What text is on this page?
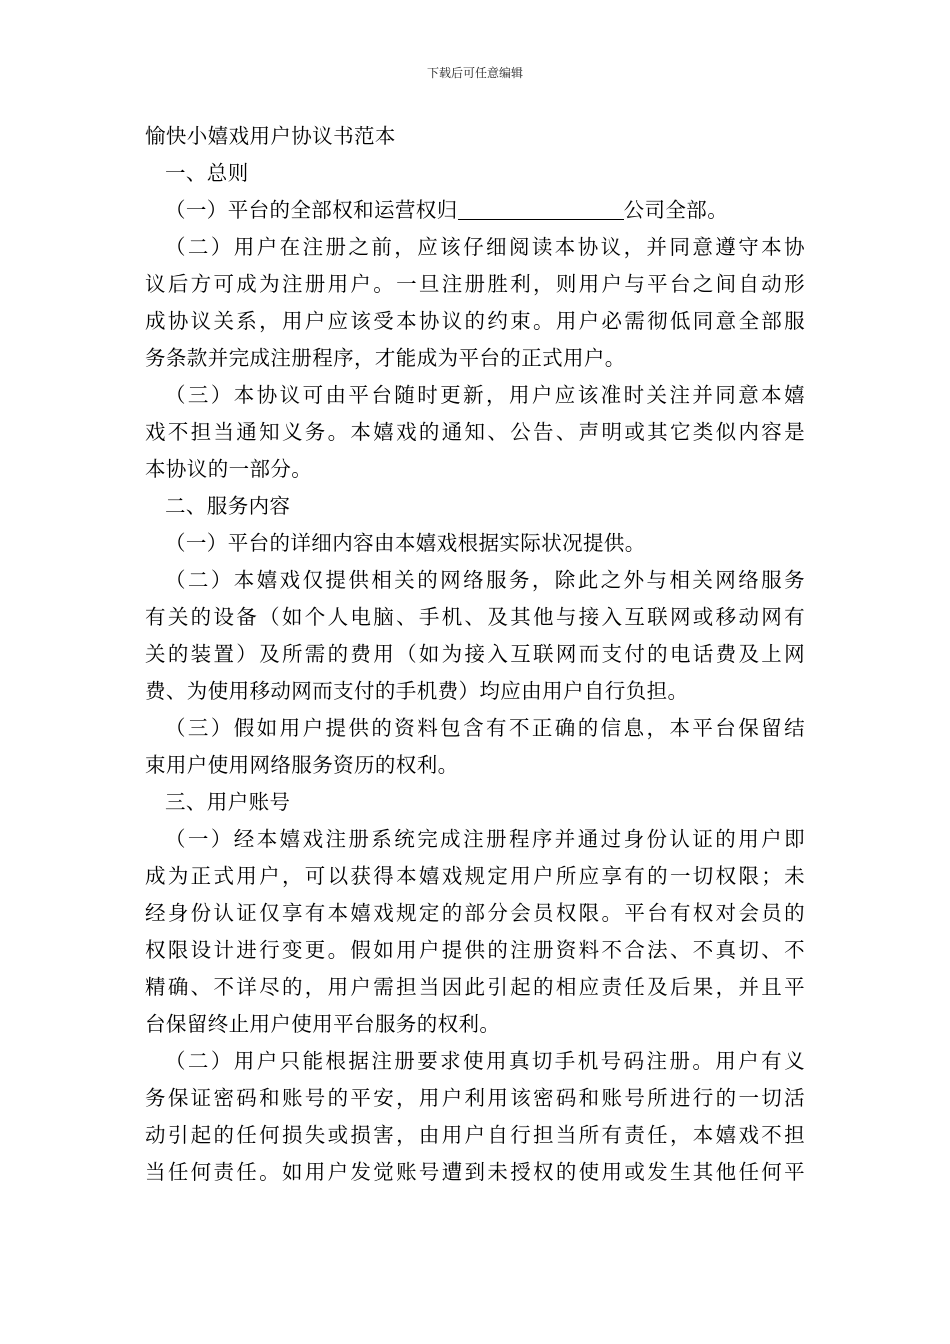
下载后可任意编辑
愉快小嬉戏用户协议书范本
一、总则
（一）平台的全部权和运营权归	公司全部。
（二）用户在注册之前，应该仔细阅读本协议，并同意遵守本协
议后方可成为注册用户。一旦注册胜利，则用户与平台之间自动形
成协议关系，用户应该受本协议的约束。用户必需彻低同意全部服
务条款并完成注册程序，才能成为平台的正式用户。
（三）本协议可由平台随时更新，用户应该准时关注并同意本嬉
戏不担当通知义务。本嬉戏的通知、公告、声明或其它类似内容是
本协议的一部分。
二、服务内容
（一）平台的详细内容由本嬉戏根据实际状况提供。
（二）本嬉戏仅提供相关的网络服务，除此之外与相关网络服务
有关的设备（如个人电脑、手机、及其他与接入互联网或移动网有
关的装置）及所需的费用（如为接入互联网而支付的电话费及上网
费、为使用移动网而支付的手机费）均应由用户自行负担。
（三）假如用户提供的资料包含有不正确的信息，本平台保留结
束用户使用网络服务资历的权利。
三、用户账号
（一）经本嬉戏注册系统完成注册程序并通过身份认证的用户即
成为正式用户，可以获得本嬉戏规定用户所应享有的一切权限；未
经身份认证仅享有本嬉戏规定的部分会员权限。平台有权对会员的
权限设计进行变更。假如用户提供的注册资料不合法、不真切、不
精确、不详尽的，用户需担当因此引起的相应责任及后果，并且平
台保留终止用户使用平台服务的权利。
（二）用户只能根据注册要求使用真切手机号码注册。用户有义
务保证密码和账号的平安，用户利用该密码和账号所进行的一切活
动引起的任何损失或损害，由用户自行担当所有责任，本嬉戏不担
当任何责任。如用户发觉账号遭到未授权的使用或发生其他任何平
